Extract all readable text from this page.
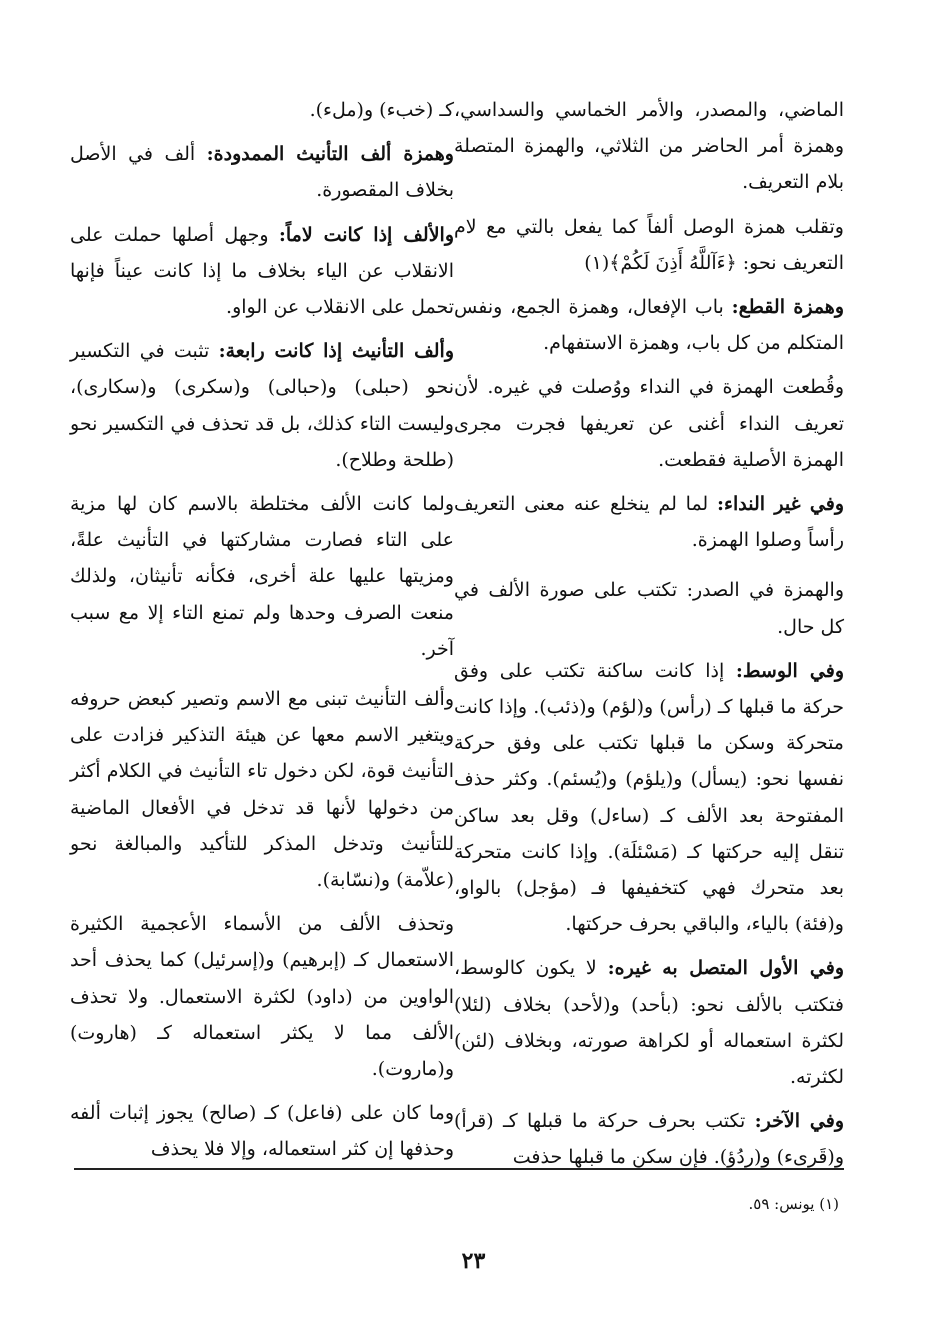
الماضي، والمصدر، والأمر الخماسي والسداسي، وهمزة أمر الحاضر من الثلاثي، والهمزة المتصلة بلام التعريف.

وتقلب همزة الوصل ألفاً كما يفعل بالتي مع لام التعريف نحو: ﴿ءَآللَّهُ أَذِنَ لَكُمْ﴾(١)

وهمزة القطع: باب الإفعال، وهمزة الجمع، ونفس المتكلم من كل باب، وهمزة الاستفهام.

وقُطعت الهمزة في النداء ووُصلت في غيره. لأن تعريف النداء أغنى عن تعريفها فجرت مجرى الهمزة الأصلية فقطعت.

وفي غير النداء: لما لم ينخلع عنه معنى التعريف رأساً وصلوا الهمزة.

والهمزة في الصدر: تكتب على صورة الألف في كل حال.

وفي الوسط: إذا كانت ساكنة تكتب على وفق حركة ما قبلها كـ (رأس) و(لؤم) و(ذئب). وإذا كانت متحركة وسكن ما قبلها تكتب على وفق حركة نفسها نحو: (يسأل) و(يلؤم) و(يُسئم). وكثر حذف المفتوحة بعد الألف كـ (ساءل) وقل بعد ساكن تنقل إليه حركتها كـ (مَسْئلَة). وإذا كانت متحركة بعد متحرك فهي كتخفيفها فـ (مؤجل) بالواو، و(فئة) بالياء، والباقي بحرف حركتها.

وفي الأول المتصل به غيره: لا يكون كالوسط، فتكتب بالألف نحو: (بأحد) و(لأحد) بخلاف (لئلا) لكثرة استعماله أو لكراهة صورته، وبخلاف (لئن) لكثرته.

وفي الآخر: تكتب بحرف حركة ما قبلها كـ (قرأ) و(قَرىء) و(ردُؤ). فإن سكن ما قبلها حذفت

كـ (خبء) و(ملء).

وهمزة ألف التأنيث الممدودة: ألف في الأصل بخلاف المقصورة.

والألف إذا كانت لاماً: وجهل أصلها حملت على الانقلاب عن الياء بخلاف ما إذا كانت عيناً فإنها تحمل على الانقلاب عن الواو.

وألف التأنيث إذا كانت رابعة: تثبت في التكسير نحو (حبلى) و(حبالى) و(سكرى) و(سكارى)، وليست التاء كذلك، بل قد تحذف في التكسير نحو (طلحة وطلاح).

ولما كانت الألف مختلطة بالاسم كان لها مزية على التاء فصارت مشاركتها في التأنيث علةً، ومزيتها عليها علة أخرى، فكأنه تأنيثان، ولذلك منعت الصرف وحدها ولم تمنع التاء إلا مع سبب آخر.

وألف التأنيث تبنى مع الاسم وتصير كبعض حروفه ويتغير الاسم معها عن هيئة التذكير فزادت على التأنيث قوة، لكن دخول تاء التأنيث في الكلام أكثر من دخولها لأنها قد تدخل في الأفعال الماضية للتأنيث وتدخل المذكر للتأكيد والمبالغة نحو (علاّمة) و(نسّابة).

وتحذف الألف من الأسماء الأعجمية الكثيرة الاستعمال كـ (إبرهيم) و(إسرئيل) كما يحذف أحد الواوين من (داود) لكثرة الاستعمال. ولا تحذف الألف مما لا يكثر استعماله كـ (هاروت) و(ماروت).

وما كان على (فاعل) كـ (صالح) يجوز إثبات ألفه وحذفها إن كثر استعماله، وإلا فلا يحذف

(١) يونس: ٥٩.
٢٣
